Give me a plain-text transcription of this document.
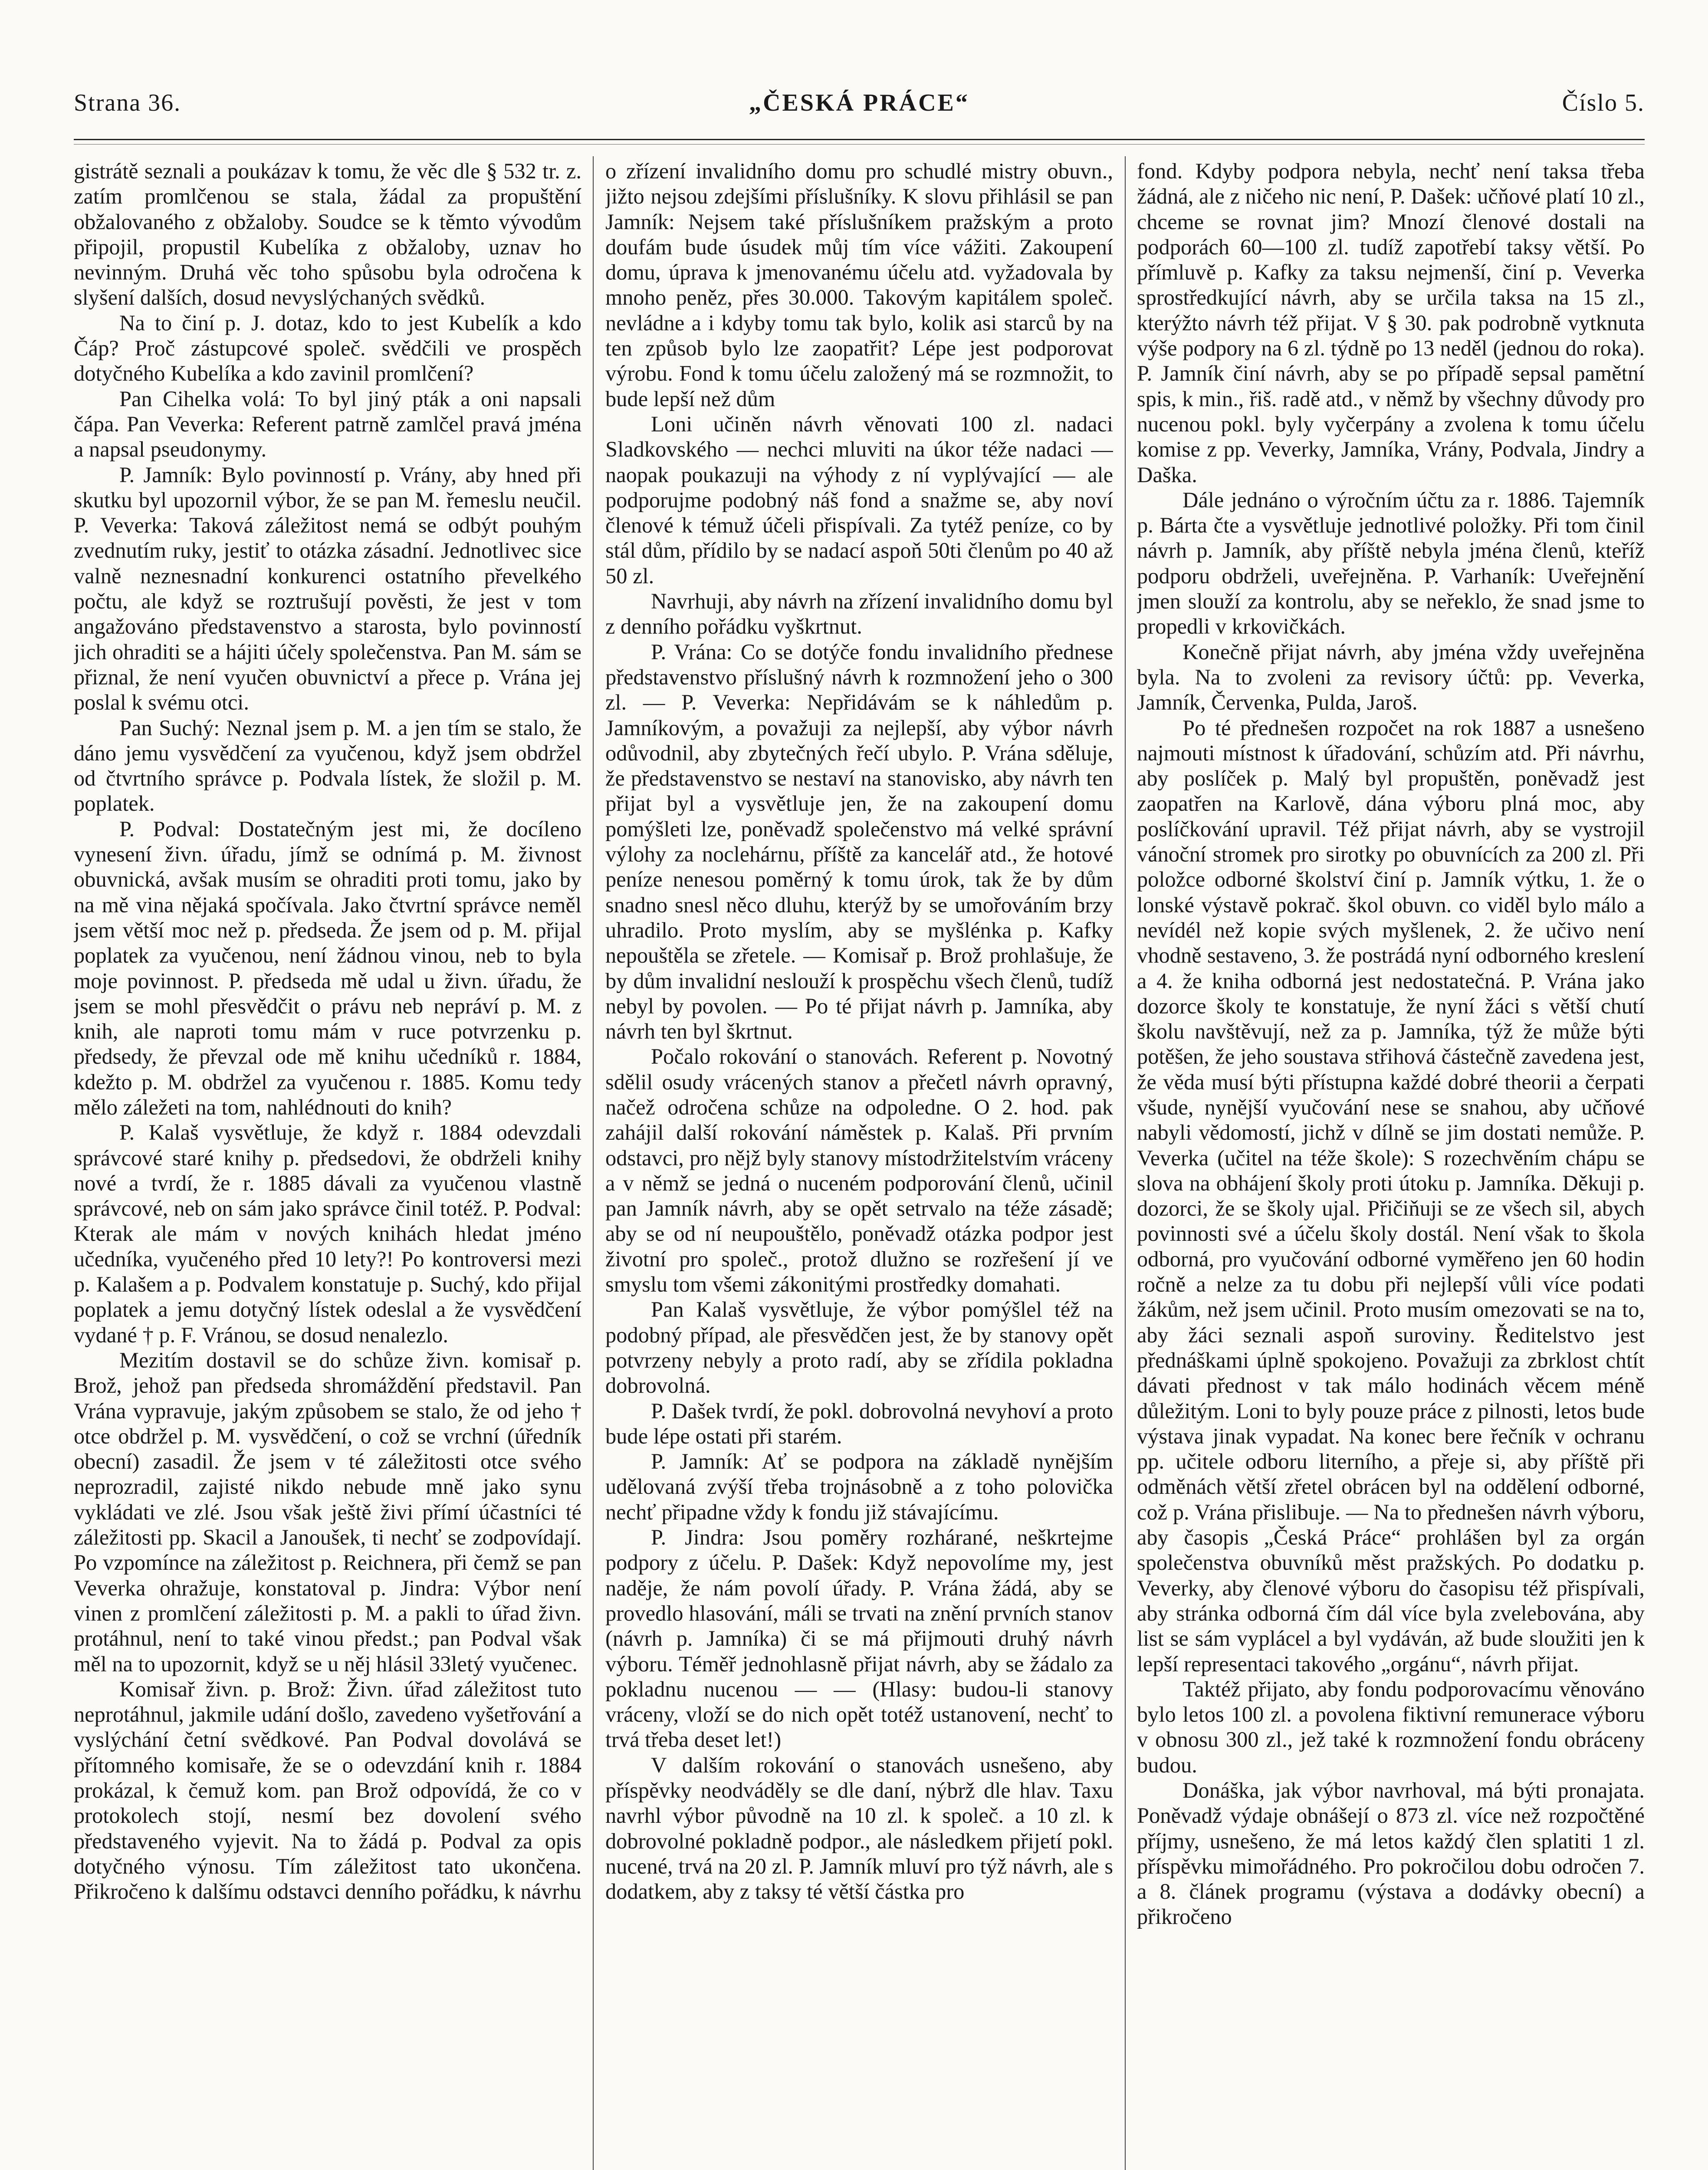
Strana 36.	„ČESKÁ PRÁCE“	Číslo 5.

gistrátě seznali a poukázav k tomu, že věc dle § 532 tr. z. zatím promlčenou se stala, žádal za propuštění obžalovaného z obžaloby. Soudce se k těmto vývodům připojil, propustil Kubelíka z obžaloby, uznav ho nevinným. Druhá věc toho spůsobu byla odročena k slyšení dalších, dosud nevyslýchaných svědků.

Na to činí p. J. dotaz, kdo to jest Kubelík a kdo Čáp? Proč zástupcové společ. svědčili ve prospěch dotyčného Kubelíka a kdo zavinil promlčení?

Pan Cihelka volá: To byl jiný pták a oni napsali čápa. Pan Veverka: Referent patrně zamlčel pravá jména a napsal pseudonymy.

P. Jamník: Bylo povinností p. Vrány, aby hned při skutku byl upozornil výbor, že se pan M. řemeslu neučil. P. Veverka: Taková záležitost nemá se odbýt pouhým zvednutím ruky, jestiť to otázka zásadní. Jednotlivec sice valně neznesnadní konkurenci ostatního převelkého počtu, ale když se roztrušují pověsti, že jest v tom angažováno představenstvo a starosta, bylo povinností jich ohraditi se a hájiti účely společenstva. Pan M. sám se přiznal, že není vyučen obuvnictví a přece p. Vrána jej poslal k svému otci.

Pan Suchý: Neznal jsem p. M. a jen tím se stalo, že dáno jemu vysvědčení za vyučenou, když jsem obdržel od čtvrtního správce p. Podvala lístek, že složil p. M. poplatek.

P. Podval: Dostatečným jest mi, že docíleno vynesení živn. úřadu, jímž se odnímá p. M. živnost obuvnická, avšak musím se ohraditi proti tomu, jako by na mě vina nějaká spočívala. Jako čtvrtní správce neměl jsem větší moc než p. předseda. Že jsem od p. M. přijal poplatek za vyučenou, není žádnou vinou, neb to byla moje povinnost. P. předseda mě udal u živn. úřadu, že jsem se mohl přesvědčit o právu neb nepráví p. M. z knih, ale naproti tomu mám v ruce potvrzenku p. předsedy, že převzal ode mě knihu učedníků r. 1884, kdežto p. M. obdržel za vyučenou r. 1885. Komu tedy mělo záležeti na tom, nahlédnouti do knih?

P. Kalaš vysvětluje, že když r. 1884 odevzdali správcové staré knihy p. předsedovi, že obdrželi knihy nové a tvrdí, že r. 1885 dávali za vyučenou vlastně správcové, neb on sám jako správce činil totéž. P. Podval: Kterak ale mám v nových knihách hledat jméno učedníka, vyučeného před 10 lety?! Po kontroversi mezi p. Kalašem a p. Podvalem konstatuje p. Suchý, kdo přijal poplatek a jemu dotyčný lístek odeslal a že vysvědčení vydané † p. F. Vránou, se dosud nenalezlo.

Mezitím dostavil se do schůze živn. komisař p. Brož, jehož pan předseda shromáždění představil. Pan Vrána vypravuje, jakým způsobem se stalo, že od jeho † otce obdržel p. M. vysvědčení, o což se vrchní (úředník obecní) zasadil. Že jsem v té záležitosti otce svého neprozradil, zajisté nikdo nebude mně jako synu vykládati ve zlé. Jsou však ještě živi přímí účastníci té záležitosti pp. Skacil a Janoušek, ti nechť se zodpovídají. Po vzpomínce na záležitost p. Reichnera, při čemž se pan Veverka ohražuje, konstatoval p. Jindra: Výbor není vinen z promlčení záležitosti p. M. a pakli to úřad živn. protáhnul, není to také vinou předst.; pan Podval však měl na to upozornit, když se u něj hlásil 33letý vyučenec.

Komisař živn. p. Brož: Živn. úřad záležitost tuto neprotáhnul, jakmile udání došlo, zavedeno vyšetřování a vyslýchání četní svědkové. Pan Podval dovolává se přítomného komisaře, že se o odevzdání knih r. 1884 prokázal, k čemuž kom. pan Brož odpovídá, že co v protokolech stojí, nesmí bez dovolení svého představeného vyjevit. Na to žádá p. Podval za opis dotyčného výnosu. Tím záležitost tato ukončena. Přikročeno k dalšímu odstavci denního pořádku, k návrhu

o zřízení invalidního domu pro schudlé mistry obuvn., jižto nejsou zdejšími příslušníky. K slovu přihlásil se pan Jamník: Nejsem také příslušníkem pražským a proto doufám bude úsudek můj tím více vážiti. Zakoupení domu, úprava k jmenovanému účelu atd. vyžadovala by mnoho peněz, přes 30.000. Takovým kapitálem společ. nevládne a i kdyby tomu tak bylo, kolik asi starců by na ten způsob bylo lze zaopatřit? Lépe jest podporovat výrobu. Fond k tomu účelu založený má se rozmnožit, to bude lepší než dům

Loni učiněn návrh věnovati 100 zl. nadaci Sladkovského — nechci mluviti na úkor téže nadaci — naopak poukazuji na výhody z ní vyplývající — ale podporujme podobný náš fond a snažme se, aby noví členové k témuž účeli přispívali. Za tytéž peníze, co by stál dům, přídilo by se nadací aspoň 50ti členům po 40 až 50 zl.

Navrhuji, aby návrh na zřízení invalidního domu byl z denního pořádku vyškrtnut.

P. Vrána: Co se dotýče fondu invalidního přednese představenstvo příslušný návrh k rozmnožení jeho o 300 zl. — P. Veverka: Nepřidávám se k náhledům p. Jamníkovým, a považuji za nejlepší, aby výbor návrh odůvodnil, aby zbytečných řečí ubylo. P. Vrána sděluje, že představenstvo se nestaví na stanovisko, aby návrh ten přijat byl a vysvětluje jen, že na zakoupení domu pomýšleti lze, poněvadž společenstvo má velké správní výlohy za noclehárnu, příště za kancelář atd., že hotové peníze nenesou poměrný k tomu úrok, tak že by dům snadno snesl něco dluhu, kterýž by se umořováním brzy uhradilo. Proto myslím, aby se myšlénka p. Kafky nepouštěla se zřetele. — Komisař p. Brož prohlašuje, že by dům invalidní neslouží k prospěchu všech členů, tudíž nebyl by povolen. — Po té přijat návrh p. Jamníka, aby návrh ten byl škrtnut.

Počalo rokování o stanovách. Referent p. Novotný sdělil osudy vrácených stanov a přečetl návrh opravný, načež odročena schůze na odpoledne. O 2. hod. pak zahájil další rokování náměstek p. Kalaš. Při prvním odstavci, pro nějž byly stanovy místodržitelstvím vráceny a v němž se jedná o nuceném podporování členů, učinil pan Jamník návrh, aby se opět setrvalo na téže zásadě; aby se od ní neupouštělo, poněvadž otázka podpor jest životní pro společ., protož dlužno se rozřešení jí ve smyslu tom všemi zákonitými prostředky domahati.

Pan Kalaš vysvětluje, že výbor pomýšlel též na podobný případ, ale přesvědčen jest, že by stanovy opět potvrzeny nebyly a proto radí, aby se zřídila pokladna dobrovolná.

P. Dašek tvrdí, že pokl. dobrovolná nevyhoví a proto bude lépe ostati při starém.

P. Jamník: Ať se podpora na základě nynějším udělovaná zvýší třeba trojnásobně a z toho polovička nechť připadne vždy k fondu již stávajícímu.

P. Jindra: Jsou poměry rozhárané, neškrtejme podpory z účelu. P. Dašek: Když nepovolíme my, jest naděje, že nám povolí úřady. P. Vrána žádá, aby se provedlo hlasování, máli se trvati na znění prvních stanov (návrh p. Jamníka) či se má přijmouti druhý návrh výboru. Téměř jednohlasně přijat návrh, aby se žádalo za pokladnu nucenou — — (Hlasy: budou-li stanovy vráceny, vloží se do nich opět totéž ustanovení, nechť to trvá třeba deset let!)

V dalším rokování o stanovách usnešeno, aby příspěvky neodváděly se dle daní, nýbrž dle hlav. Taxu navrhl výbor původně na 10 zl. k společ. a 10 zl. k dobrovolné pokladně podpor., ale následkem přijetí pokl. nucené, trvá na 20 zl. P. Jamník mluví pro týž návrh, ale s dodatkem, aby z taksy té větší částka pro

fond. Kdyby podpora nebyla, nechť není taksa třeba žádná, ale z ničeho nic není, P. Dašek: učňové platí 10 zl., chceme se rovnat jim? Mnozí členové dostali na podporách 60—100 zl. tudíž zapotřebí taksy větší. Po přímluvě p. Kafky za taksu nejmenší, činí p. Veverka sprostředkující návrh, aby se určila taksa na 15 zl., kterýžto návrh též přijat. V § 30. pak podrobně vytknuta výše podpory na 6 zl. týdně po 13 neděl (jednou do roka). P. Jamník činí návrh, aby se po případě sepsal pamětní spis, k min., řiš. radě atd., v němž by všechny důvody pro nucenou pokl. byly vyčerpány a zvolena k tomu účelu komise z pp. Veverky, Jamníka, Vrány, Podvala, Jindry a Daška.

Dále jednáno o výročním účtu za r. 1886. Tajemník p. Bárta čte a vysvětluje jednotlivé položky. Při tom činil návrh p. Jamník, aby příště nebyla jména členů, kteříž podporu obdrželi, uveřejněna. P. Varhaník: Uveřejnění jmen slouží za kontrolu, aby se neřeklo, že snad jsme to propedli v krkovičkách.

Konečně přijat návrh, aby jména vždy uveřejněna byla. Na to zvoleni za revisory účtů: pp. Veverka, Jamník, Červenka, Pulda, Jaroš.

Po té přednešen rozpočet na rok 1887 a usnešeno najmouti místnost k úřadování, schůzím atd. Při návrhu, aby poslíček p. Malý byl propuštěn, poněvadž jest zaopatřen na Karlově, dána výboru plná moc, aby poslíčkování upravil. Též přijat návrh, aby se vystrojil vánoční stromek pro sirotky po obuvnících za 200 zl. Při položce odborné školství činí p. Jamník výtku, 1. že o lonské výstavě pokrač. škol obuvn. co viděl bylo málo a nevídél než kopie svých myšlenek, 2. že učivo není vhodně sestaveno, 3. že postrádá nyní odborného kreslení a 4. že kniha odborná jest nedostatečná. P. Vrána jako dozorce školy te konstatuje, že nyní žáci s větší chutí školu navštěvují, než za p. Jamníka, týž že může býti potěšen, že jeho soustava střihová částečně zavedena jest, že věda musí býti přístupna každé dobré theorii a čerpati všude, nynější vyučování nese se snahou, aby učňové nabyli vědomostí, jichž v dílně se jim dostati nemůže. P. Veverka (učitel na téže škole): S rozechvěním chápu se slova na obhájení školy proti útoku p. Jamníka. Děkuji p. dozorci, že se školy ujal. Přičiňuji se ze všech sil, abych povinnosti své a účelu školy dostál. Není však to škola odborná, pro vyučování odborné vyměřeno jen 60 hodin ročně a nelze za tu dobu při nejlepší vůli více podati žákům, než jsem učinil. Proto musím omezovati se na to, aby žáci seznali aspoň suroviny. Ředitelstvo jest přednáškami úplně spokojeno. Považuji za zbrklost chtít dávati přednost v tak málo hodinách věcem méně důležitým. Loni to byly pouze práce z pilnosti, letos bude výstava jinak vypadat. Na konec bere řečník v ochranu pp. učitele odboru literního, a přeje si, aby příště při odměnách větší zřetel obrácen byl na oddělení odborné, což p. Vrána přislibuje. — Na to přednešen návrh výboru, aby časopis „Česká Práce“ prohlášen byl za orgán společenstva obuvníků měst pražských. Po dodatku p. Veverky, aby členové výboru do časopisu též přispívali, aby stránka odborná čím dál více byla zvelebována, aby list se sám vyplácel a byl vydáván, až bude sloužiti jen k lepší representaci takového „orgánu“, návrh přijat.

Taktéž přijato, aby fondu podporovacímu věnováno bylo letos 100 zl. a povolena fiktivní remunerace výboru v obnosu 300 zl., jež také k rozmnožení fondu obráceny budou.

Donáška, jak výbor navrhoval, má býti pronajata. Poněvadž výdaje obnášejí o 873 zl. více než rozpočtěné příjmy, usnešeno, že má letos každý člen splatiti 1 zl. příspěvku mimořádného. Pro pokročilou dobu odročen 7. a 8. článek programu (výstava a dodávky obecní) a přikročeno
